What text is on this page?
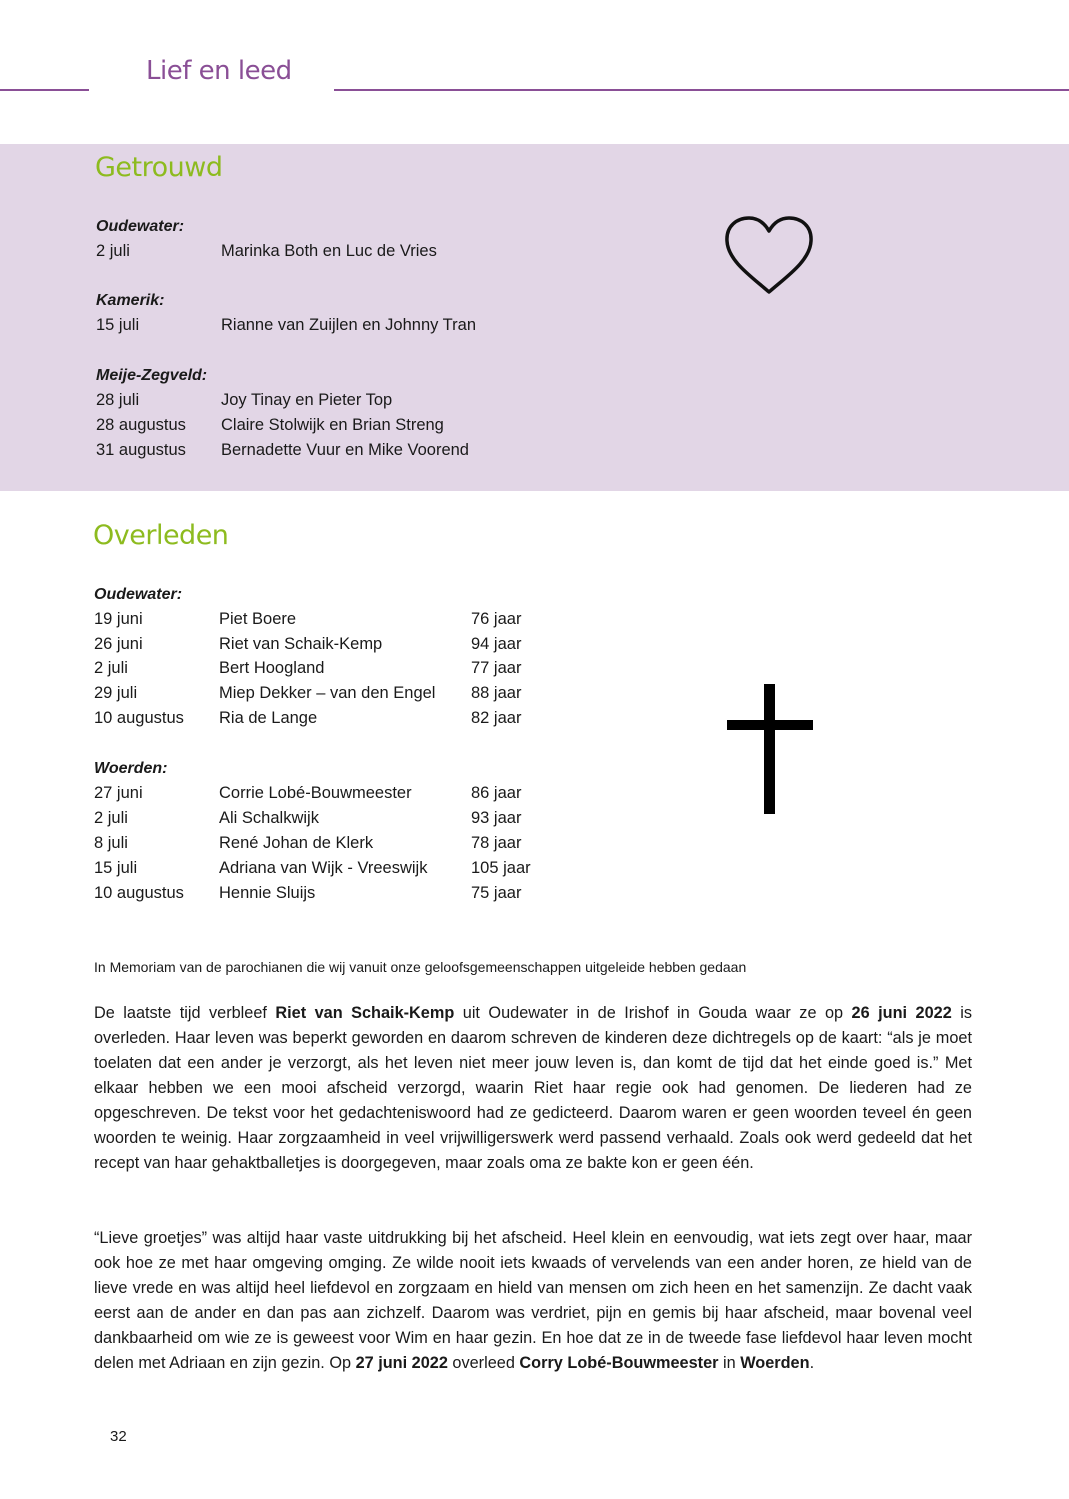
Lief en leed
Getrouwd
Oudewater:
2 juli	Marinka Both en Luc de Vries
Kamerik:
15 juli	Rianne van Zuijlen en Johnny Tran
Meije-Zegveld:
28 juli	Joy Tinay en Pieter Top
28 augustus Claire Stolwijk en Brian Streng
31 augustus Bernadette Vuur en Mike Voorend
Overleden
Oudewater:
19 juni	Piet Boere	76 jaar
26 juni	Riet van Schaik-Kemp	94 jaar
2 juli	Bert Hoogland	77 jaar
29 juli	Miep Dekker – van den Engel 88 jaar
10 augustus Ria de Lange	82 jaar
Woerden:
27 juni	Corrie Lobé-Bouwmeester	86 jaar
2 juli	Ali Schalkwijk	93 jaar
8 juli	René Johan de Klerk	78 jaar
15 juli	Adriana van Wijk - Vreeswijk	105 jaar
10 augustus Hennie Sluijs	75 jaar
In Memoriam van de parochianen die wij vanuit onze geloofsgemeenschappen uitgeleide hebben gedaan

De laatste tijd verbleef Riet van Schaik-Kemp uit Oudewater in de Irishof in Gouda waar ze op 26 juni 2022 is overleden. Haar leven was beperkt geworden en daarom schreven de kinderen deze dichtregels op de kaart: “als je moet toelaten dat een ander je verzorgt, als het leven niet meer jouw leven is, dan komt de tijd dat het einde goed is.” Met elkaar hebben we een mooi afscheid verzorgd, waarin Riet haar regie ook had genomen. De liederen had ze opgeschreven. De tekst voor het gedachteniswoord had ze gedicteerd. Daarom waren er geen woorden teveel én geen woorden te weinig. Haar zorgzaamheid in veel vrijwilligerswerk werd passend verhaald. Zoals ook werd gedeeld dat het recept van haar gehaktballetjes is doorgegeven, maar zoals oma ze bakte kon er geen één.

“Lieve groetjes” was altijd haar vaste uitdrukking bij het afscheid. Heel klein en eenvoudig, wat iets zegt over haar, maar ook hoe ze met haar omgeving omging. Ze wilde nooit iets kwaads of vervelends van een ander horen, ze hield van de lieve vrede en was altijd heel liefdevol en zorgzaam en hield van mensen om zich heen en het samenzijn. Ze dacht vaak eerst aan de ander en dan pas aan zichzelf. Daarom was verdriet, pijn en gemis bij haar afscheid, maar bovenal veel dankbaarheid om wie ze is geweest voor Wim en haar gezin. En hoe dat ze in de tweede fase liefdevol haar leven mocht delen met Adriaan en zijn gezin. Op 27 juni 2022 overleed Corry Lobé-Bouwmeester in Woerden.

32
